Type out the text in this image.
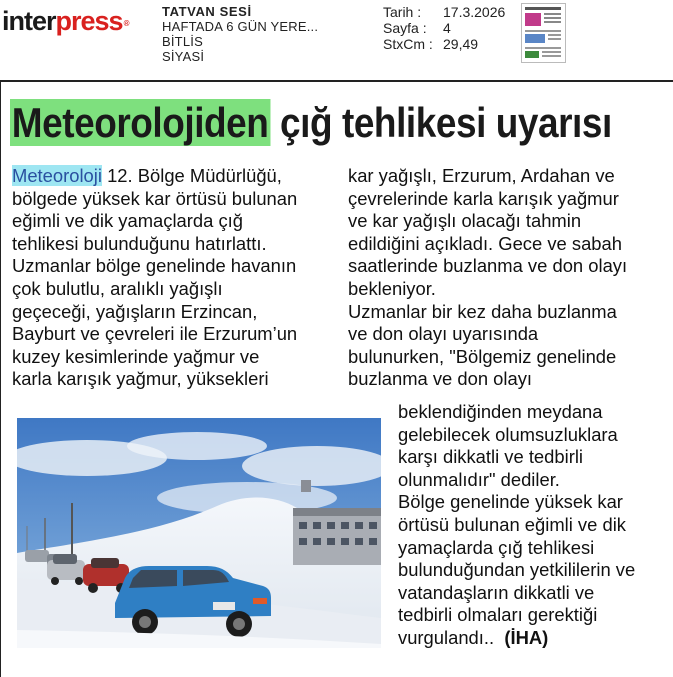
interpress®
TATVAN SESİ
HAFTADA 6 GÜN YERE...
BİTLİS
SİYASİ
Tarih :	17.3.2026
Sayfa :	4
StxCm : 29,49
Meteorolojiden çığ tehlikesi uyarısı

Meteoroloji 12. Bölge Müdürlüğü,

bölgede yüksek kar örtüsü bulunan

eğimli ve dik yamaçlarda çığ

tehlikesi bulunduğunu hatırlattı.

Uzmanlar bölge genelinde havanın

çok bulutlu, aralıklı yağışlı

geçeceği, yağışların Erzincan,

Bayburt ve çevreleri ile Erzurum’un

kuzey kesimlerinde yağmur ve

karla karışık yağmur, yüksekleri

kar yağışlı, Erzurum, Ardahan ve

çevrelerinde karla karışık yağmur

ve kar yağışlı olacağı tahmin

edildiğini açıkladı. Gece ve sabah

saatlerinde buzlanma ve don olayı

bekleniyor.

Uzmanlar bir kez daha buzlanma

ve don olayı uyarısında

bulunurken, "Bölgemiz genelinde

buzlanma ve don olayı

beklendiğinden meydana

gelebilecek olumsuzluklara

karşı dikkatli ve tedbirli

olunmalıdır" dediler.

Bölge genelinde yüksek kar

örtüsü bulunan eğimli ve dik

yamaçlarda çığ tehlikesi

bulunduğundan yetkililerin ve

vatandaşların dikkatli ve

tedbirli olmaları gerektiği

vurgulandı.. (İHA)
